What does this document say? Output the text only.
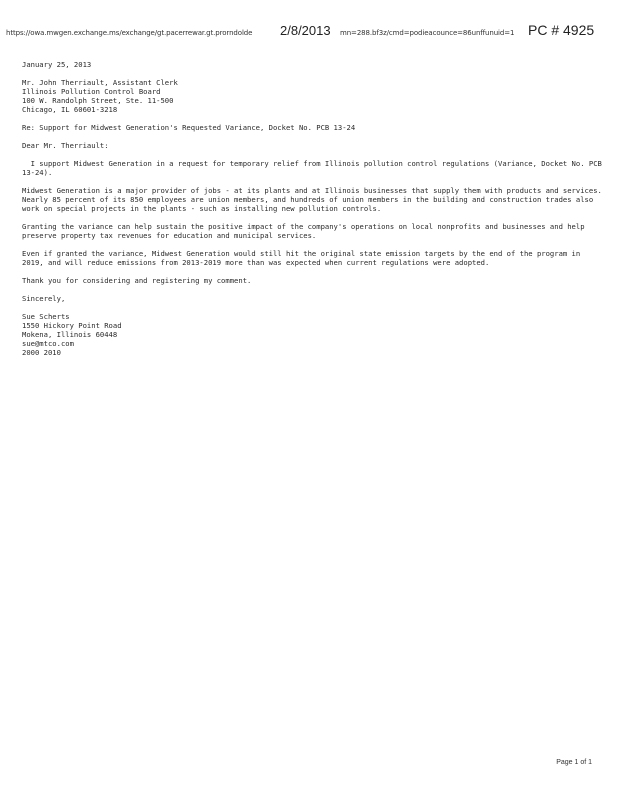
https://owa.mwgen.exchange.ms/exchange/gt.pacerrewar.gt.prorndolde	2/8/2013 mn=288.bf3z/cmd=podieacounce=86unffunuid=1 PC # 4925

January 25, 2013

Mr. John Therriault, Assistant Clerk

Illinois Pollution Control Board

100 W. Randolph Street, Ste. 11-500

Chicago, IL 60601-3218

Re: Support for Midwest Generation's Requested Variance, Docket No. PCB 13-24

Dear Mr. Therriault:

I support Midwest Generation in a request for temporary relief from Illinois pollution control regulations (Variance, Docket No. PCB 13-24).

Midwest Generation is a major provider of jobs - at its plants and at Illinois businesses that supply them with products and services. Nearly 85 percent of its 850 employees are union members, and hundreds of union members in the building and construction trades also work on special projects in the plants - such as installing new pollution controls.

Granting the variance can help sustain the positive impact of the company's operations on local nonprofits and businesses and help preserve property tax revenues for education and municipal services.

Even if granted the variance, Midwest Generation would still hit the original state emission targets by the end of the program in 2019, and will reduce emissions from 2013-2019 more than was expected when current regulations were adopted.

Thank you for considering and registering my comment.

Sincerely,

Sue Scherts

1550 Hickory Point Road

Mokena, Illinois 60448

sue@mtco.com

2000 2010

Page 1 of 1
